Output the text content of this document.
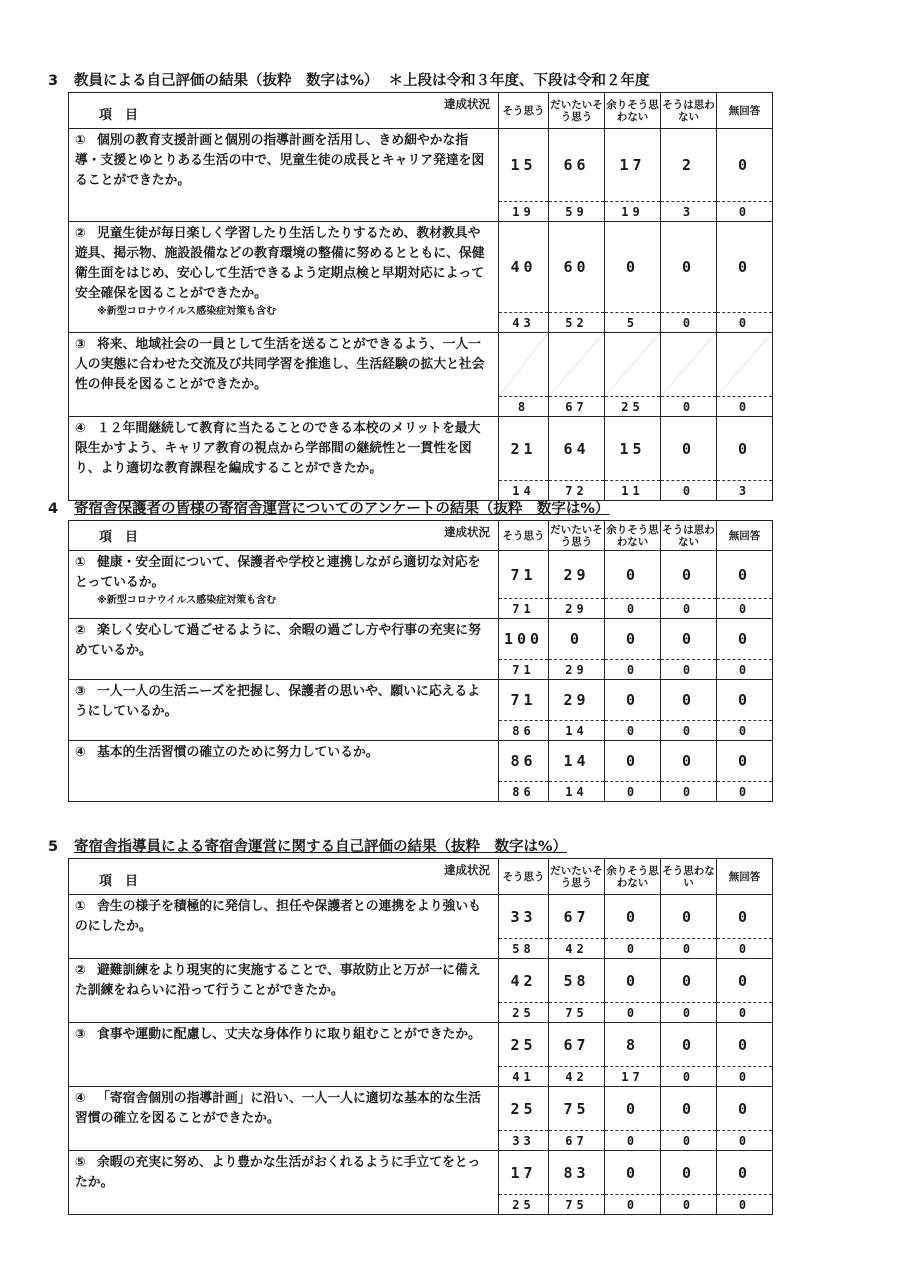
3 教員による自己評価の結果（抜粋　数字は%） ＊上段は令和３年度、下段は令和２年度
達成状況
項　目	そう思う	だいたいそう思う	余りそう思わない	そうは思わない	無回答
① 個別の教育支援計画と個別の指導計画を活用し、きめ細やかな指導・支援とゆとりある生活の中で、児童生徒の成長とキャリア発達を図ることができたか。	15	66	17	2	0
	19	59	19	3	0
② 児童生徒が毎日楽しく学習したり生活したりするため、教材教具や遊具、掲示物、施設設備などの教育環境の整備に努めるとともに、保健衛生面をはじめ、安心して生活できるよう定期点検と早期対応によって安全確保を図ることができたか。
※新型コロナウイルス感染症対策も含む	40	60	0	0	0
	43	52	5	0	0
③ 将来、地域社会の一員として生活を送ることができるよう、一人一人の実態に合わせた交流及び共同学習を推進し、生活経験の拡大と社会性の伸長を図ることができたか。	

	8	67	25	0	0
④ １２年間継続して教育に当たることのできる本校のメリットを最大限生かすよう、キャリア教育の視点から学部間の継続性と一貫性を図り、より適切な教育課程を編成することができたか。	21	64	15	0	0
	14	72	11	0	3
4 寄宿舎保護者の皆様の寄宿舎運営についてのアンケートの結果（抜粋　数字は%）
達成状況
項　目	そう思う	だいたいそう思う	余りそう思わない	そうは思わない	無回答
① 健康・安全面について、保護者や学校と連携しながら適切な対応をとっているか。
※新型コロナウイルス感染症対策も含む	71	29	0	0	0
	71	29	0	0	0
② 楽しく安心して過ごせるように、余暇の過ごし方や行事の充実に努めているか。	100	0	0	0	0
	71	29	0	0	0
③ 一人一人の生活ニーズを把握し、保護者の思いや、願いに応えるようにしているか。	71	29	0	0	0
	86	14	0	0	0
④ 基本的生活習慣の確立のために努力しているか。	86	14	0	0	0
	86	14	0	0	0
5 寄宿舎指導員による寄宿舎運営に関する自己評価の結果（抜粋　数字は%）
達成状況
項　目	そう思う	だいたいそう思う	余りそう思わない	そう思わない	無回答
① 舎生の様子を積極的に発信し、担任や保護者との連携をより強いものにしたか。	33	67	0	0	0
	58	42	0	0	0
② 避難訓練をより現実的に実施することで、事故防止と万が一に備えた訓練をねらいに沿って行うことができたか。	42	58	0	0	0
	25	75	0	0	0
③ 食事や運動に配慮し、丈夫な身体作りに取り組むことができたか。	25	67	8	0	0
	41	42	17	0	0
④ 「寄宿舎個別の指導計画」に沿い、一人一人に適切な基本的な生活習慣の確立を図ることができたか。	25	75	0	0	0
	33	67	0	0	0
⑤ 余暇の充実に努め、より豊かな生活がおくれるように手立てをとったか。	17	83	0	0	0
	25	75	0	0	0
